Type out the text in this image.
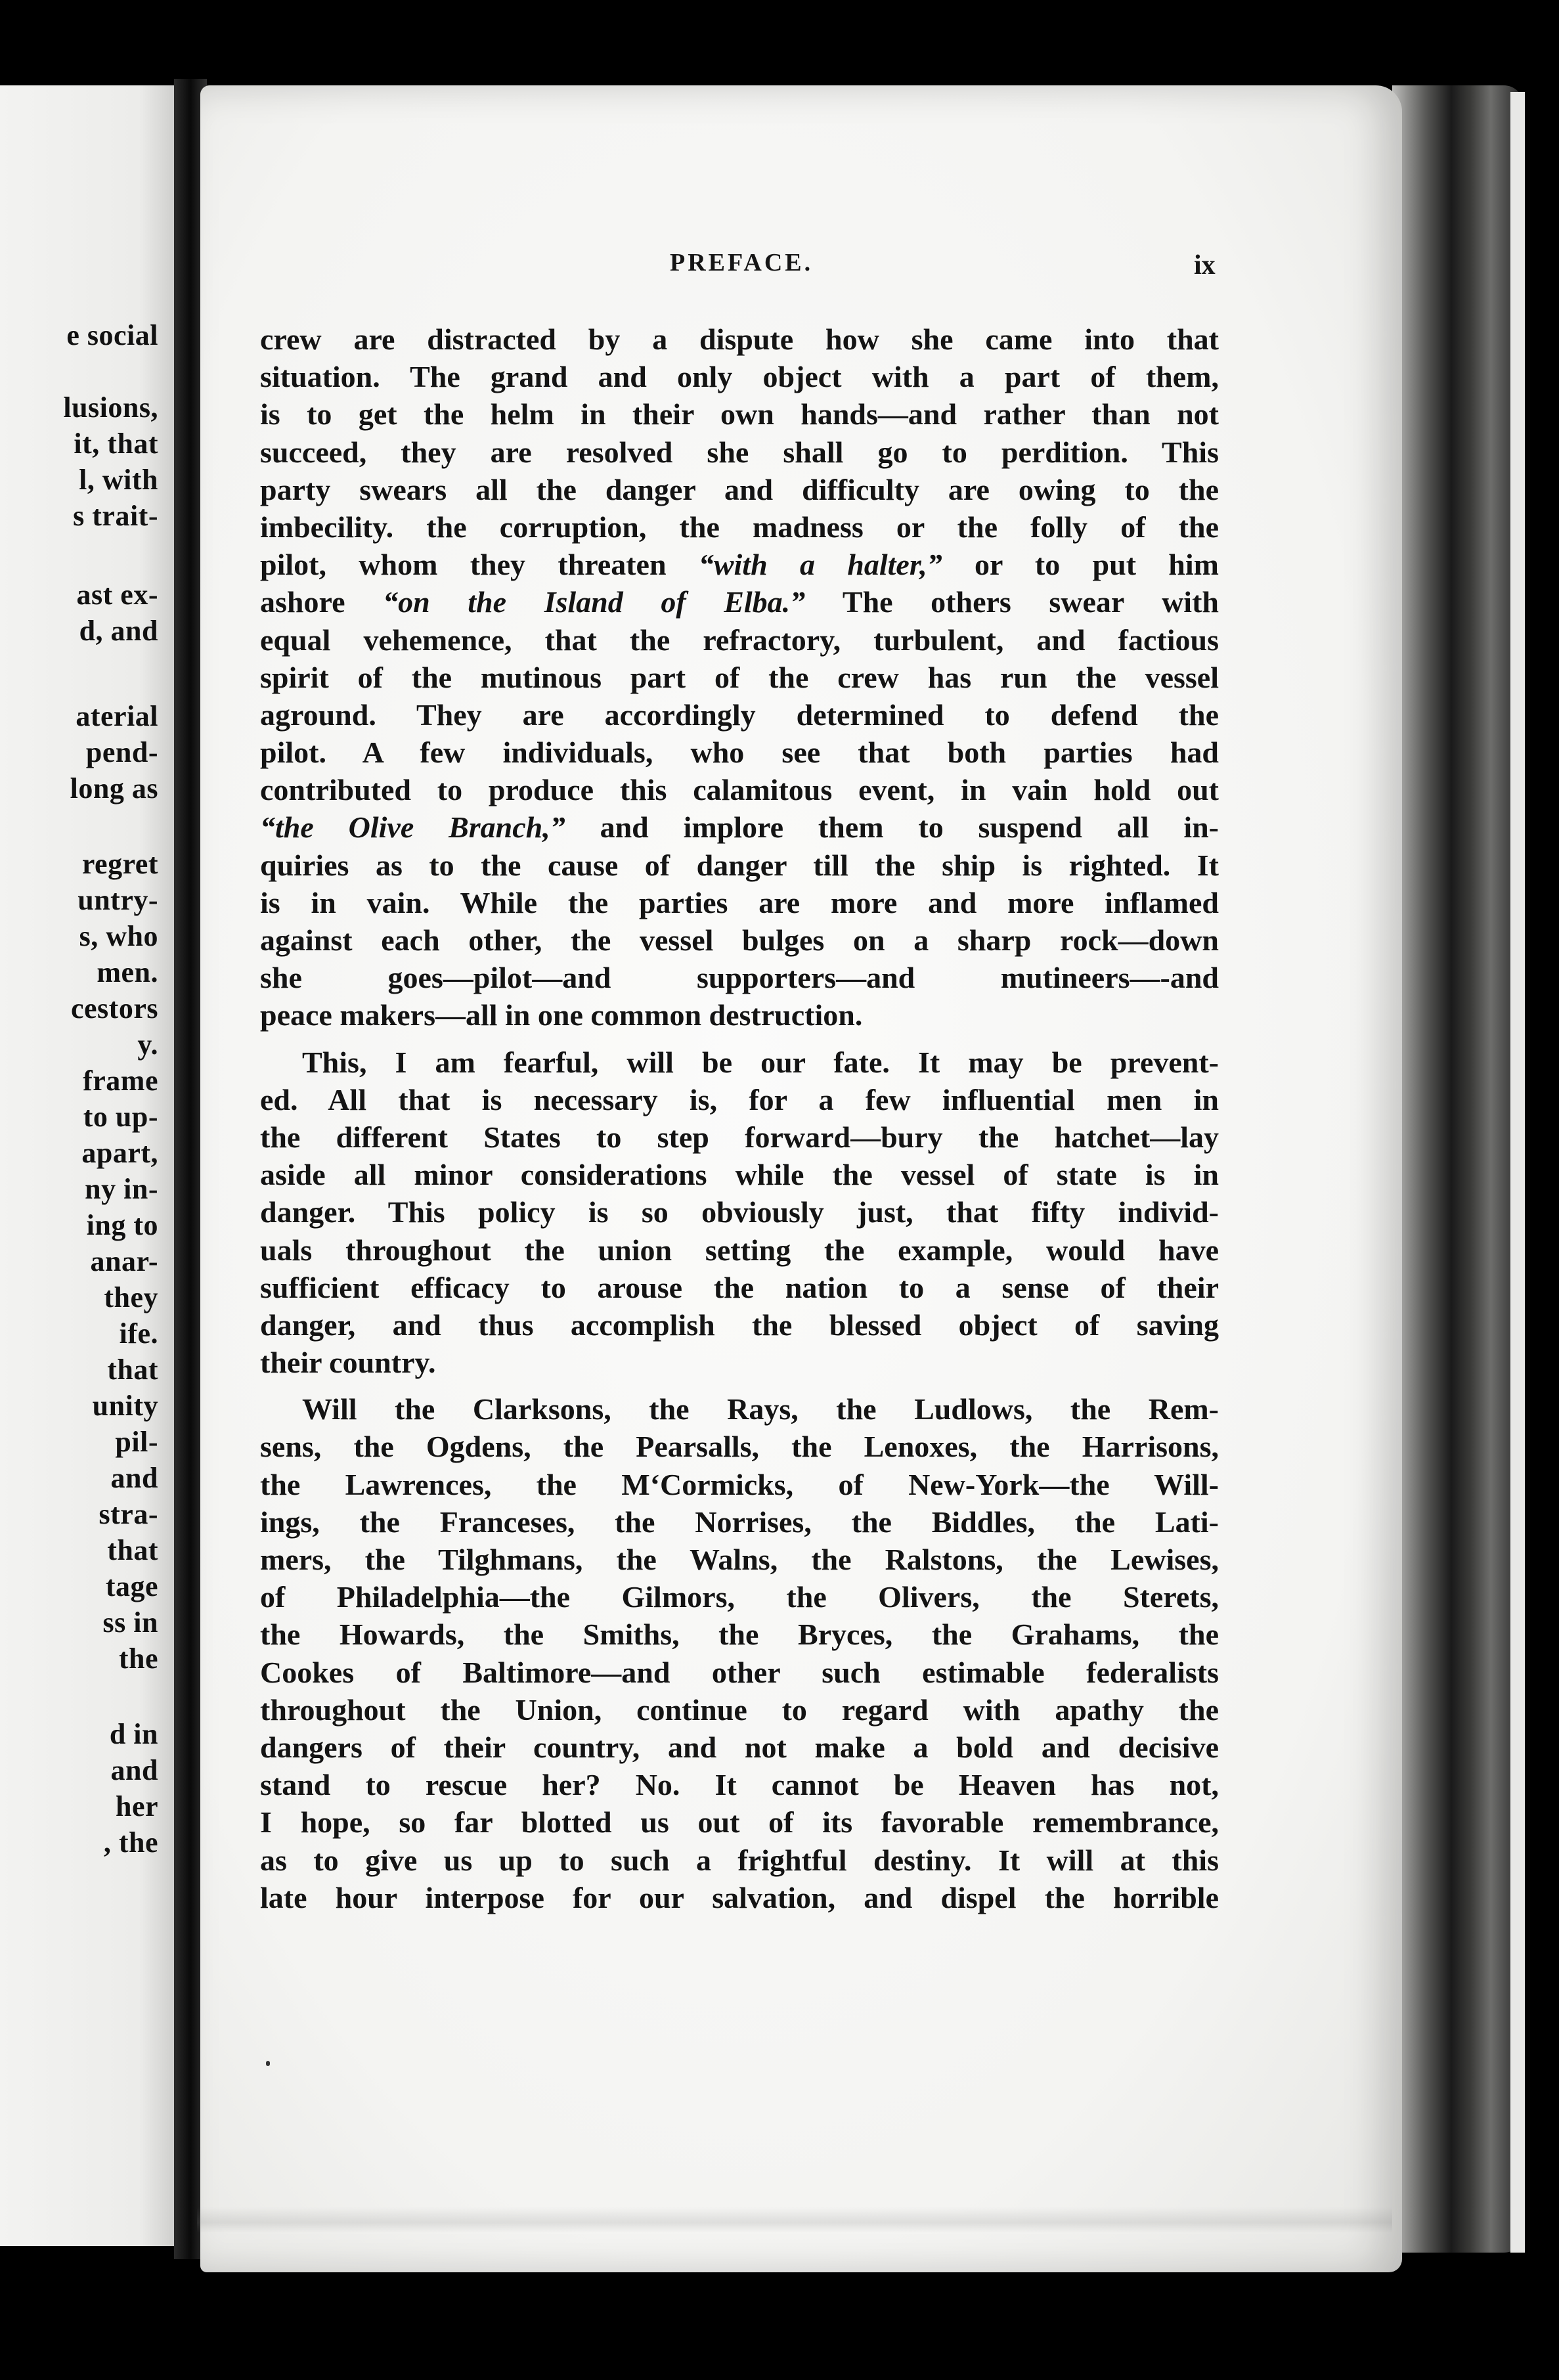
e social
lusions,
it, that
l, with
s trait-
ast ex-
d, and
aterial
pend-
long as
regret
untry-
s, who
men.
cestors
y.
frame
to up-
apart,
ny in-
ing to
anar-
they
ife.
that
unity
pil-
and
stra-
that
tage
ss in
the
d in
and
her
, the
PREFACE.	ix
crew are distracted by a dispute how she came into that
situation. The grand and only object with a part of them,
is to get the helm in their own hands—and rather than not
succeed, they are resolved she shall go to perdition. This
party swears all the danger and difficulty are owing to the
imbecility. the corruption, the madness or the folly of the
pilot, whom they threaten “with a halter,” or to put him
ashore “on the Island of Elba.” The others swear with
equal vehemence, that the refractory, turbulent, and factious
spirit of the mutinous part of the crew has run the vessel
aground. They are accordingly determined to defend the
pilot. A few individuals, who see that both parties had
contributed to produce this calamitous event, in vain hold out
“the Olive Branch,” and implore them to suspend all in-
quiries as to the cause of danger till the ship is righted. It
is in vain. While the parties are more and more inflamed
against each other, the vessel bulges on a sharp rock—down
she goes—pilot—and supporters—and mutineers—-and
peace makers—all in one common destruction.
This, I am fearful, will be our fate. It may be prevent-
ed. All that is necessary is, for a few influential men in
the different States to step forward—bury the hatchet—lay
aside all minor considerations while the vessel of state is in
danger. This policy is so obviously just, that fifty individ-
uals throughout the union setting the example, would have
sufficient efficacy to arouse the nation to a sense of their
danger, and thus accomplish the blessed object of saving
their country.
Will the Clarksons, the Rays, the Ludlows, the Rem-
sens, the Ogdens, the Pearsalls, the Lenoxes, the Harrisons,
the Lawrences, the M‘Cormicks, of New-York—the Will-
ings, the Franceses, the Norrises, the Biddles, the Lati-
mers, the Tilghmans, the Walns, the Ralstons, the Lewises,
of Philadelphia—the Gilmors, the Olivers, the Sterets,
the Howards, the Smiths, the Bryces, the Grahams, the
Cookes of Baltimore—and other such estimable federalists
throughout the Union, continue to regard with apathy the
dangers of their country, and not make a bold and decisive
stand to rescue her? No. It cannot be Heaven has not,
I hope, so far blotted us out of its favorable remembrance,
as to give us up to such a frightful destiny. It will at this
late hour interpose for our salvation, and dispel the horrible
